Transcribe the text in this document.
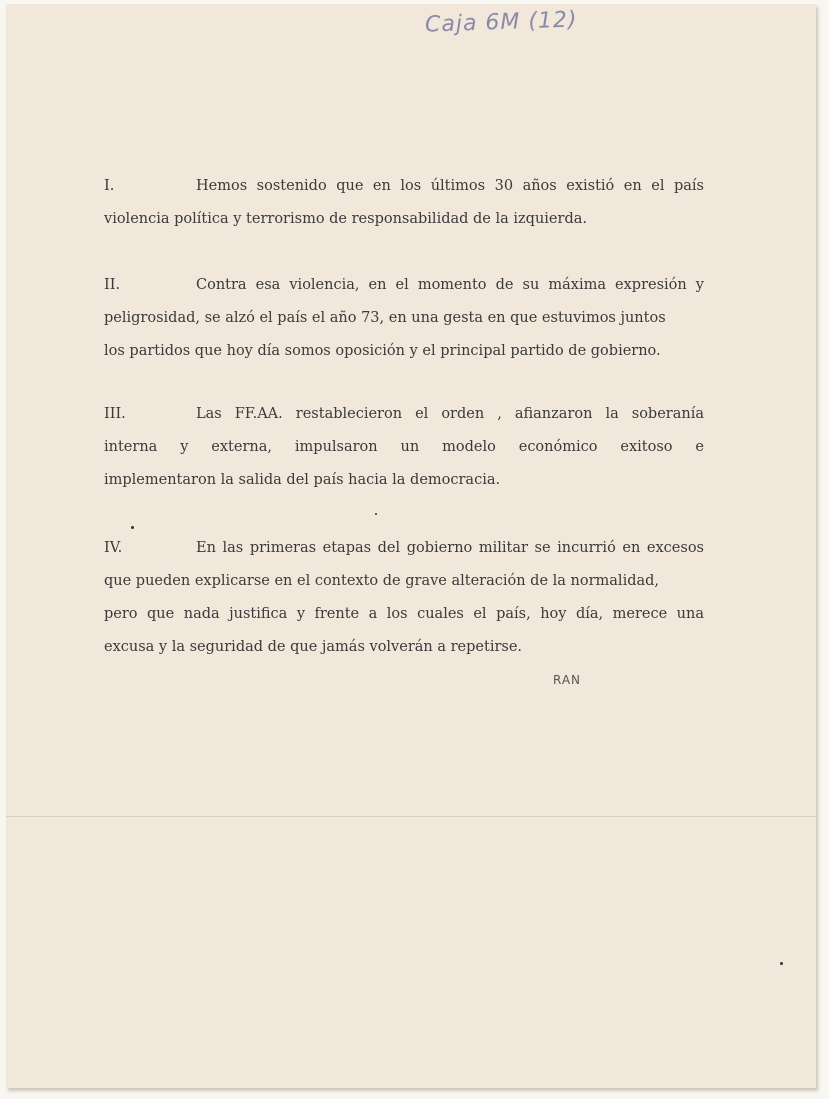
Caja 6M (12)
I.	Hemos sostenido que en los últimos 30 años existió en el país
violencia política y terrorismo de responsabilidad de la izquierda.
II.	Contra esa violencia, en el momento de su máxima expresión y
peligrosidad, se alzó el país el año 73, en una gesta en que estuvimos juntos
los partidos que hoy día somos oposición y el principal partido de gobierno.
III.	Las FF.AA. restablecieron el orden , afianzaron la soberanía
interna y externa, impulsaron un modelo económico exitoso e
implementaron la salida del país hacia la democracia.
IV.	En las primeras etapas del gobierno militar se incurrió en excesos
que pueden explicarse en el contexto de grave alteración de la normalidad,
pero que nada justifica y frente a los cuales el país, hoy día, merece una
excusa y la seguridad de que jamás volverán a repetirse.
RAN
